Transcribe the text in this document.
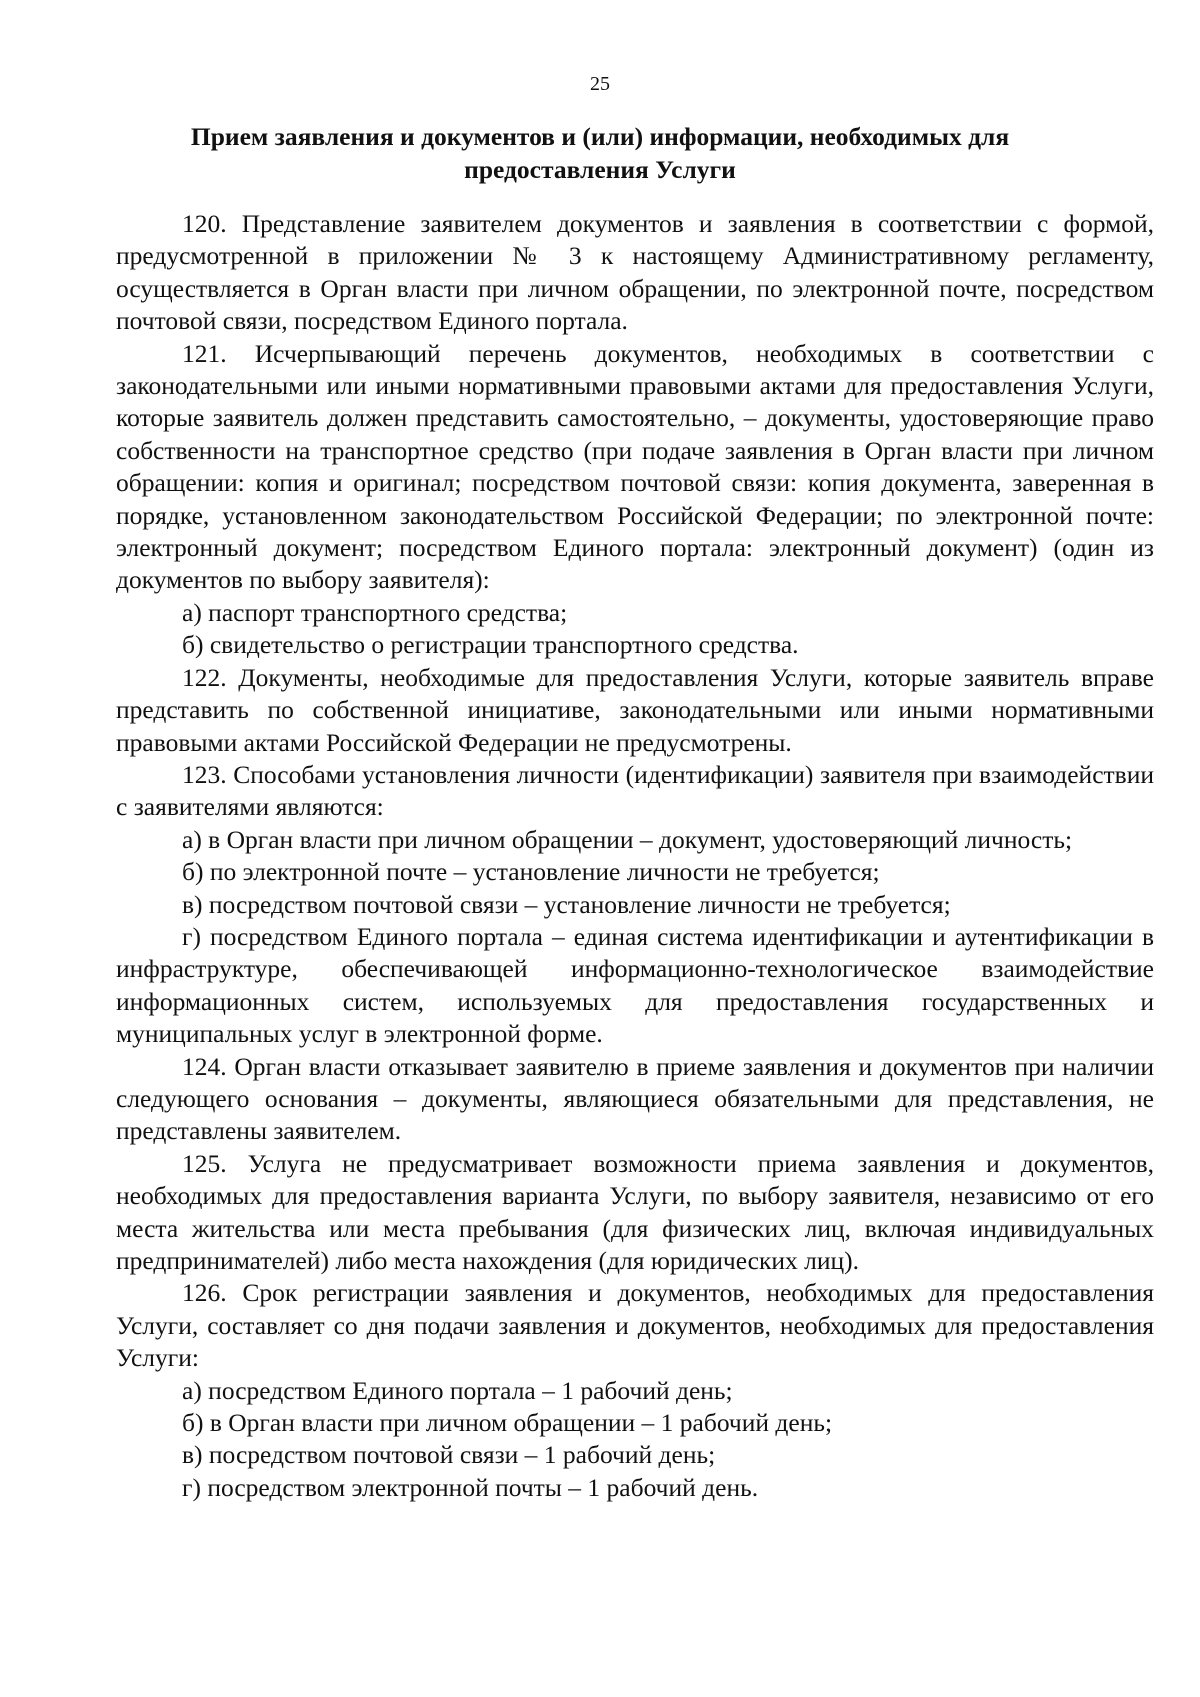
25
Прием заявления и документов и (или) информации, необходимых для предоставления Услуги

120. Представление заявителем документов и заявления в соответствии с формой, предусмотренной в приложении № 3 к настоящему Административному регламенту, осуществляется в Орган власти при личном обращении, по электронной почте, посредством почтовой связи, посредством Единого портала.

121. Исчерпывающий перечень документов, необходимых в соответствии с законодательными или иными нормативными правовыми актами для предоставления Услуги, которые заявитель должен представить самостоятельно, – документы, удостоверяющие право собственности на транспортное средство (при подаче заявления в Орган власти при личном обращении: копия и оригинал; посредством почтовой связи: копия документа, заверенная в порядке, установленном законодательством Российской Федерации; по электронной почте: электронный документ; посредством Единого портала: электронный документ) (один из документов по выбору заявителя):

а) паспорт транспортного средства;

б) свидетельство о регистрации транспортного средства.

122. Документы, необходимые для предоставления Услуги, которые заявитель вправе представить по собственной инициативе, законодательными или иными нормативными правовыми актами Российской Федерации не предусмотрены.

123. Способами установления личности (идентификации) заявителя при взаимодействии с заявителями являются:

а) в Орган власти при личном обращении – документ, удостоверяющий личность;

б) по электронной почте – установление личности не требуется;

в) посредством почтовой связи – установление личности не требуется;

г) посредством Единого портала – единая система идентификации и аутентификации в инфраструктуре, обеспечивающей информационно-технологическое взаимодействие информационных систем, используемых для предоставления государственных и муниципальных услуг в электронной форме.

124. Орган власти отказывает заявителю в приеме заявления и документов при наличии следующего основания – документы, являющиеся обязательными для представления, не представлены заявителем.

125. Услуга не предусматривает возможности приема заявления и документов, необходимых для предоставления варианта Услуги, по выбору заявителя, независимо от его места жительства или места пребывания (для физических лиц, включая индивидуальных предпринимателей) либо места нахождения (для юридических лиц).

126. Срок регистрации заявления и документов, необходимых для предоставления Услуги, составляет со дня подачи заявления и документов, необходимых для предоставления Услуги:

а) посредством Единого портала – 1 рабочий день;

б) в Орган власти при личном обращении – 1 рабочий день;

в) посредством почтовой связи – 1 рабочий день;

г) посредством электронной почты – 1 рабочий день.
